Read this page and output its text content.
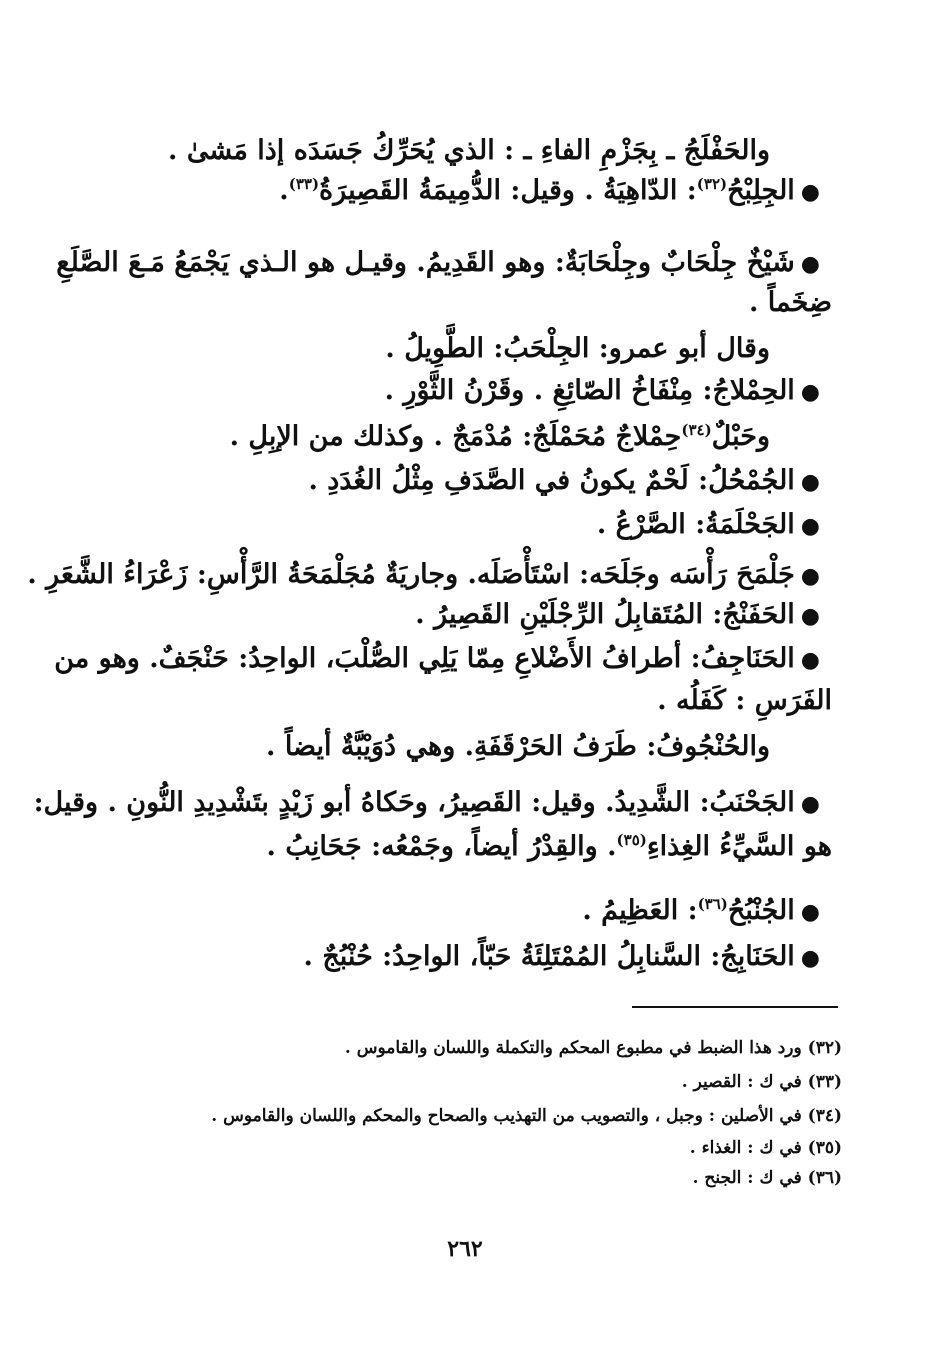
والحَفْلَجُ ـ بِجَزْمِ الفاءِ ـ : الذي يُحَرِّكُ جَسَدَه إذا مَشىٰ .
●الجِلِبْحُ$^{(٣٢)}$: الدّاهِيَةُ . وقيل: الدُّمِيمَةُ القَصِيرَةُ$^{(٣٣)}$.
●شَيْخٌ جِلْحَابٌ وجِلْحَابَةٌ: وهو القَدِيمُ. وقيـل هو الـذي يَجْمَعُ مَـعَ الصَّلَعِ
ضِخَماً .
وقال أبو عمرو: الجِلْحَبُ: الطَّوِيلُ .
●الحِمْلاجُ: مِنْفَاخُ الصّائِغِ . وقَرْنُ الثَّوْرِ .
وحَبْلٌ$^{(٣٤)}$حِمْلاجٌ مُحَمْلَجٌ: مُدْمَجٌ . وكذلك من الإبِلِ .
●الجُمْحُلُ: لَحْمٌ يكونُ في الصَّدَفِ مِثْلُ الغُدَدِ .
●الجَحْلَمَةُ: الصَّرْعُ .
●جَلْمَحَ رَأْسَه وجَلَحَه: اسْتَأْصَلَه. وجاريَةٌ مُجَلْمَحَةُ الرَّأْسِ: زَعْرَاءُ الشَّعَرِ .
●الحَفَنْجُ: المُتَقابِلُ الرِّجْلَيْنِ القَصِيرُ .
●الحَنَاجِفُ: أطرافُ الأَضْلاعِ مِمّا يَلِي الصُّلْبَ، الواحِدُ: حَنْجَفٌ. وهو من
الفَرَسِ : كَفَلُه .
والحُنْجُوفُ: طَرَفُ الحَرْقَفَةِ. وهي دُوَيْبَّةٌ أيضاً .
●الجَحْنَبُ: الشَّدِيدُ. وقيل: القَصِيرُ، وحَكاهُ أبو زَيْدٍ بتَشْدِيدِ النُّونِ . وقيل:
هو السَّيِّءُ الغِذاءِ$^{(٣٥)}$. والقِدْرُ أيضاً، وجَمْعُه: جَحَانِبُ .
●الجُنْبُحُ$^{(٣٦)}$: العَظِيمُ .
●الحَنَابِجُ: السَّنابِلُ المُمْتَلِئَةُ حَبّاً، الواحِدُ: حُنْبُجٌ .
(٣٢) ورد هذا الضبط في مطبوع المحكم والتكملة واللسان والقاموس .
(٣٣) في ك : القصير .
(٣٤) في الأصلين : وجبل ، والتصويب من التهذيب والصحاح والمحكم واللسان والقاموس .
(٣٥) في ك : الغذاء .
(٣٦) في ك : الجنح .
٢٦٢
